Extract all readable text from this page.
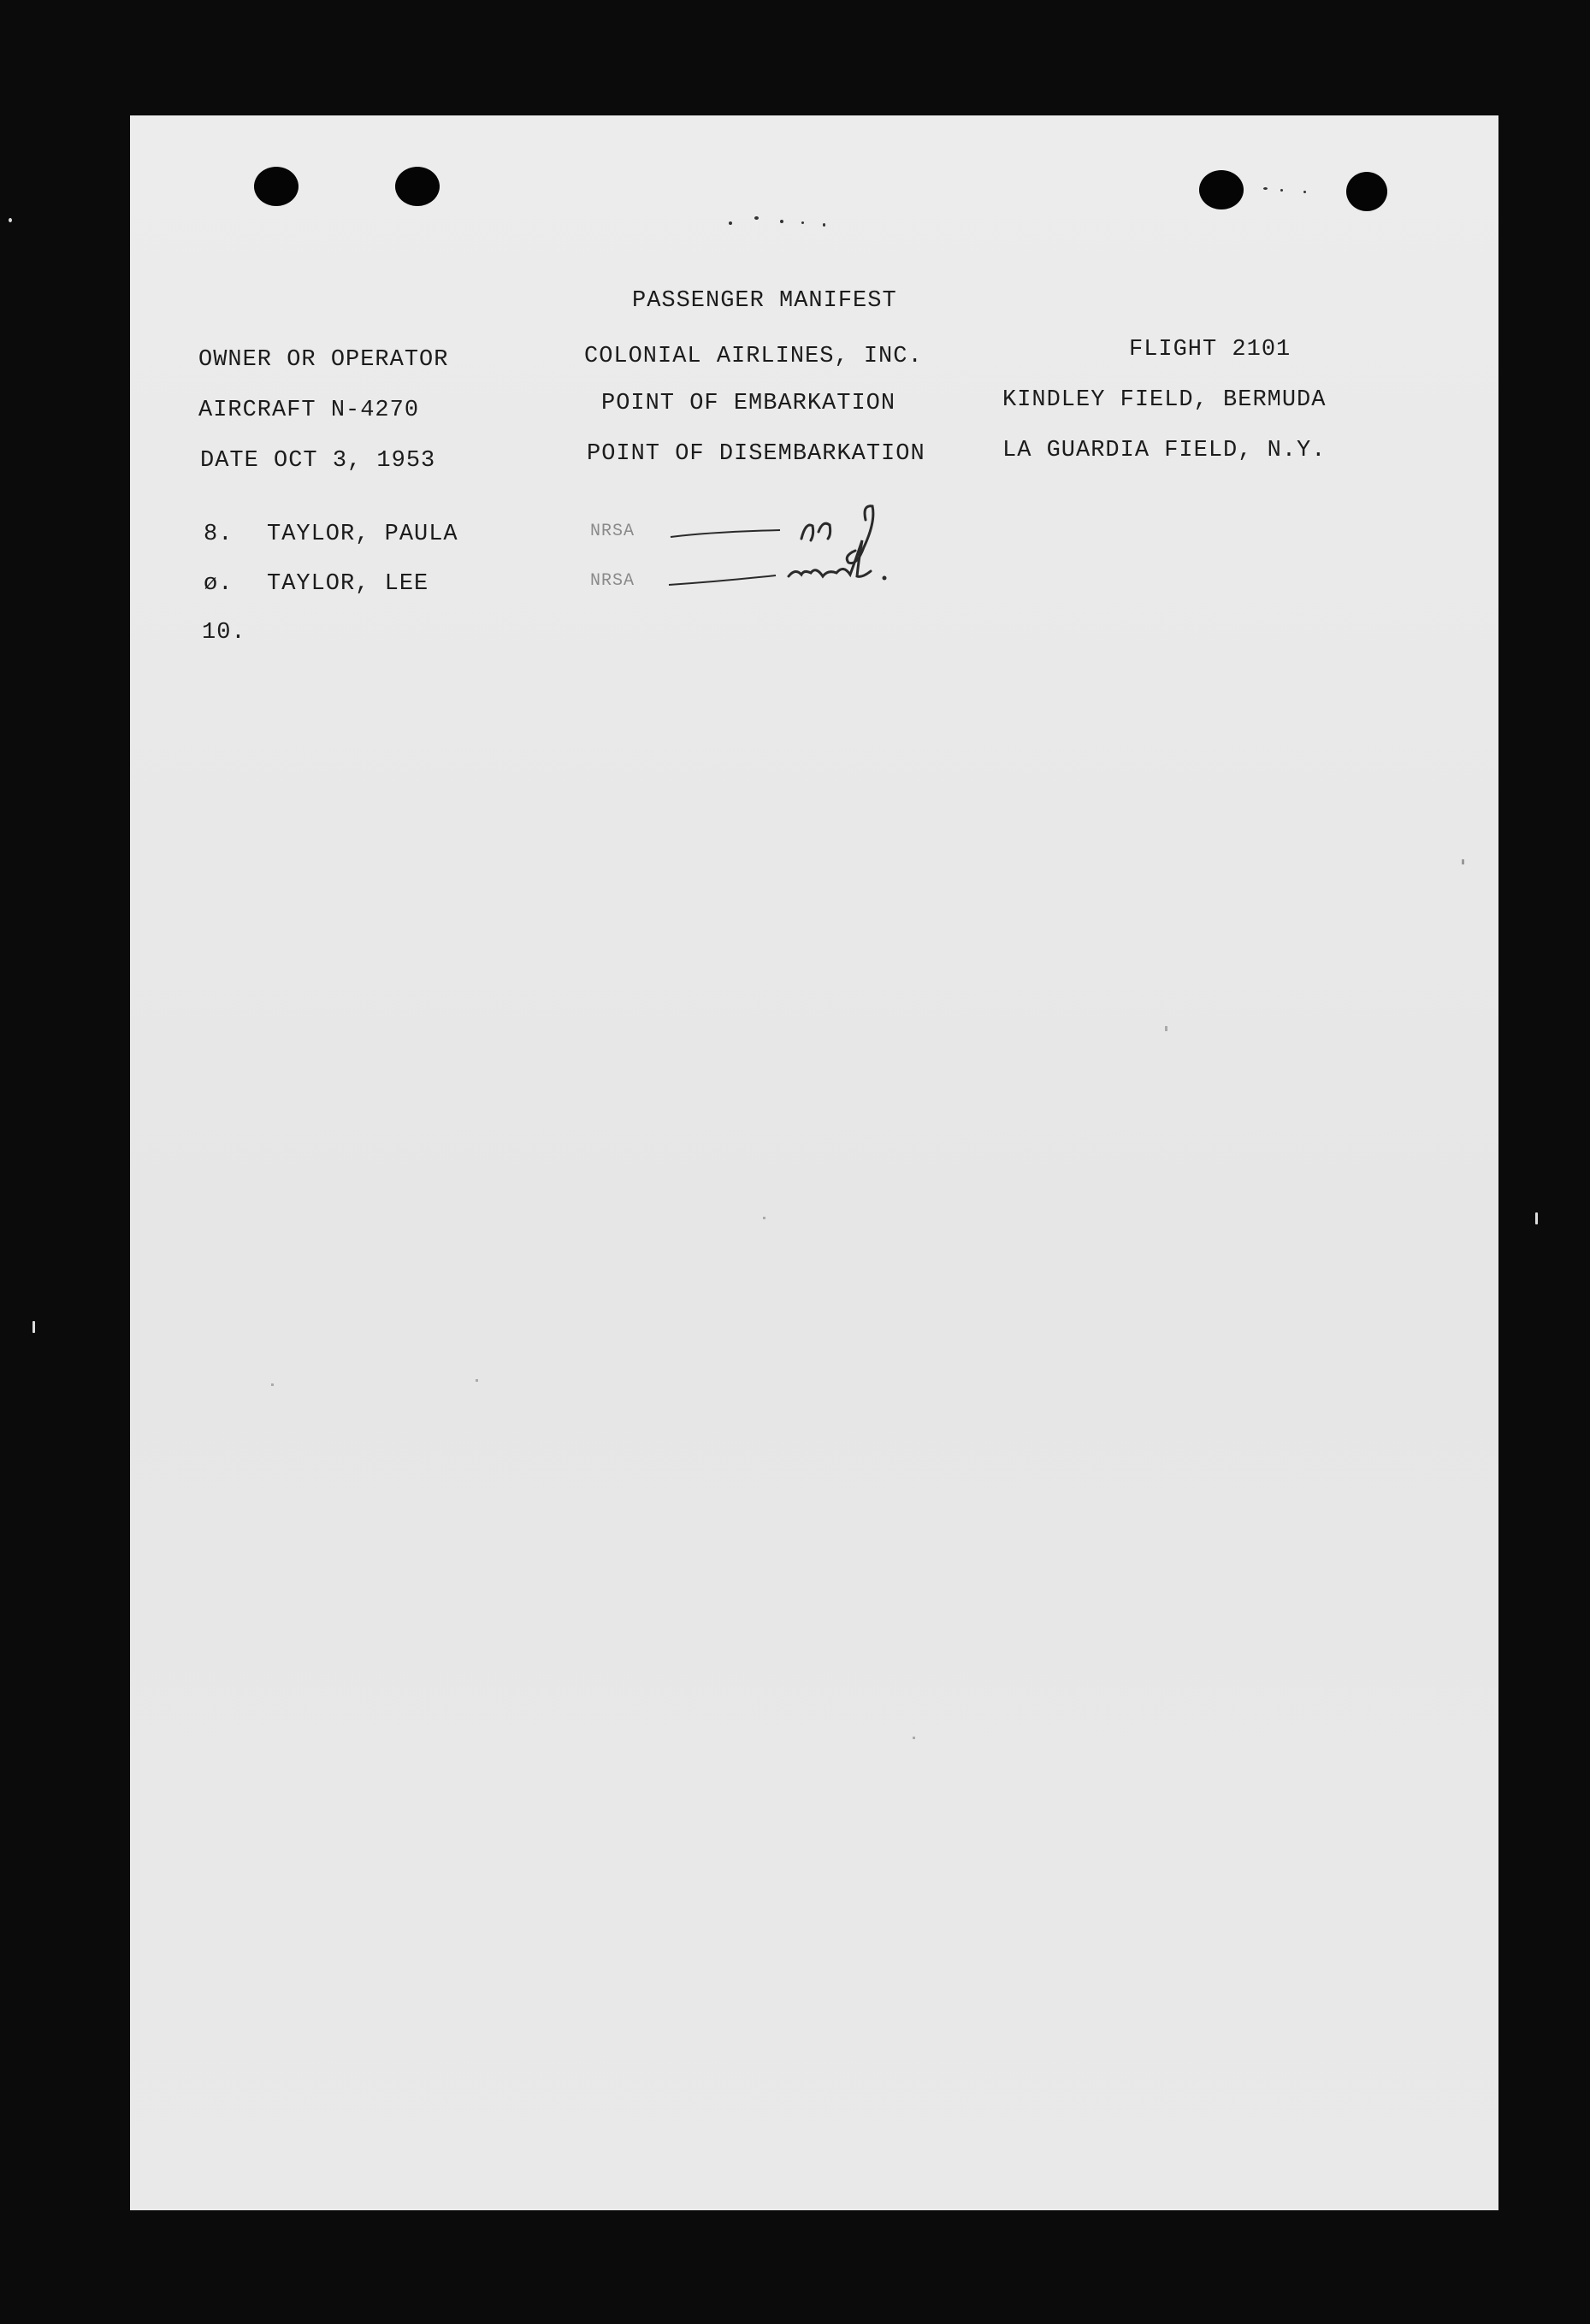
PASSENGER MANIFEST
OWNER OR OPERATOR	COLONIAL AIRLINES, INC.	FLIGHT 2101
AIRCRAFT N-4270	POINT OF EMBARKATION	KINDLEY FIELD, BERMUDA
DATE OCT 3, 1953	POINT OF DISEMBARKATION	LA GUARDIA FIELD, N.Y.
8. TAYLOR, PAULA	NRSA
ø. TAYLOR, LEE	NRSA
10.
